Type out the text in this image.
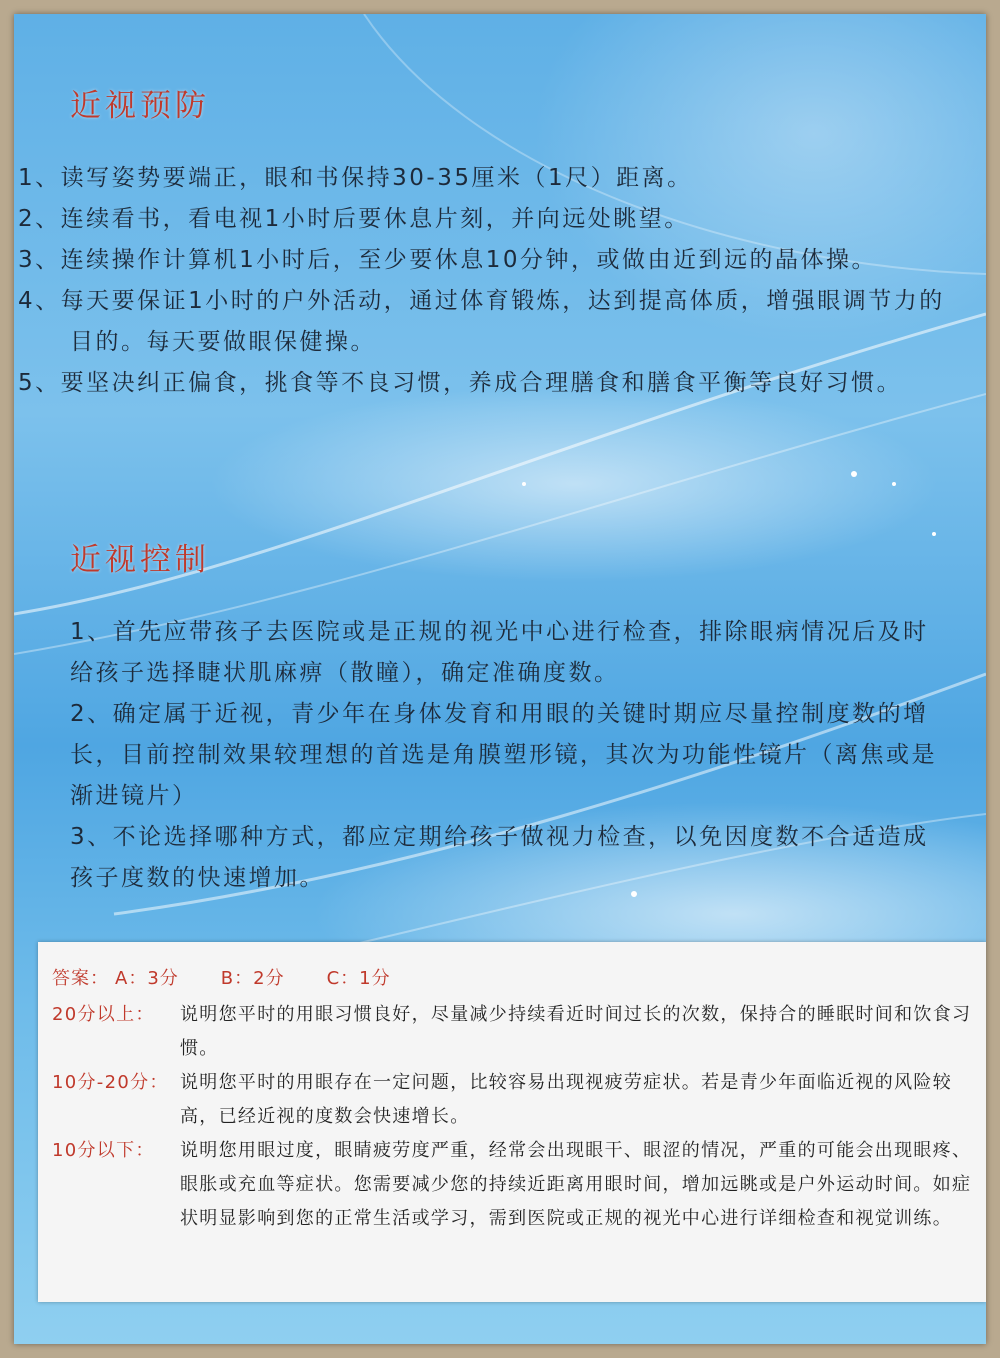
近视预防
1、读写姿势要端正，眼和书保持30-35厘米（1尺）距离。
2、连续看书，看电视1小时后要休息片刻，并向远处眺望。
3、连续操作计算机1小时后，至少要休息10分钟，或做由近到远的晶体操。
4、每天要保证1小时的户外活动，通过体育锻炼，达到提高体质，增强眼调节力的目的。每天要做眼保健操。
5、要坚决纠正偏食，挑食等不良习惯，养成合理膳食和膳食平衡等良好习惯。
近视控制
1、首先应带孩子去医院或是正规的视光中心进行检查，排除眼病情况后及时给孩子选择睫状肌麻痹（散瞳），确定准确度数。
2、确定属于近视，青少年在身体发育和用眼的关键时期应尽量控制度数的增长，目前控制效果较理想的首选是角膜塑形镜，其次为功能性镜片（离焦或是渐进镜片）
3、不论选择哪种方式，都应定期给孩子做视力检查，以免因度数不合适造成孩子度数的快速增加。
答案： A：3分 B：2分 C：1分
20分以上： 说明您平时的用眼习惯良好，尽量减少持续看近时间过长的次数，保持合的睡眠时间和饮食习惯。
10分-20分： 说明您平时的用眼存在一定问题，比较容易出现视疲劳症状。若是青少年面临近视的风险较高，已经近视的度数会快速增长。
10分以下： 说明您用眼过度，眼睛疲劳度严重，经常会出现眼干、眼涩的情况，严重的可能会出现眼疼、眼胀或充血等症状。您需要减少您的持续近距离用眼时间，增加远眺或是户外运动时间。如症状明显影响到您的正常生活或学习，需到医院或正规的视光中心进行详细检查和视觉训练。
